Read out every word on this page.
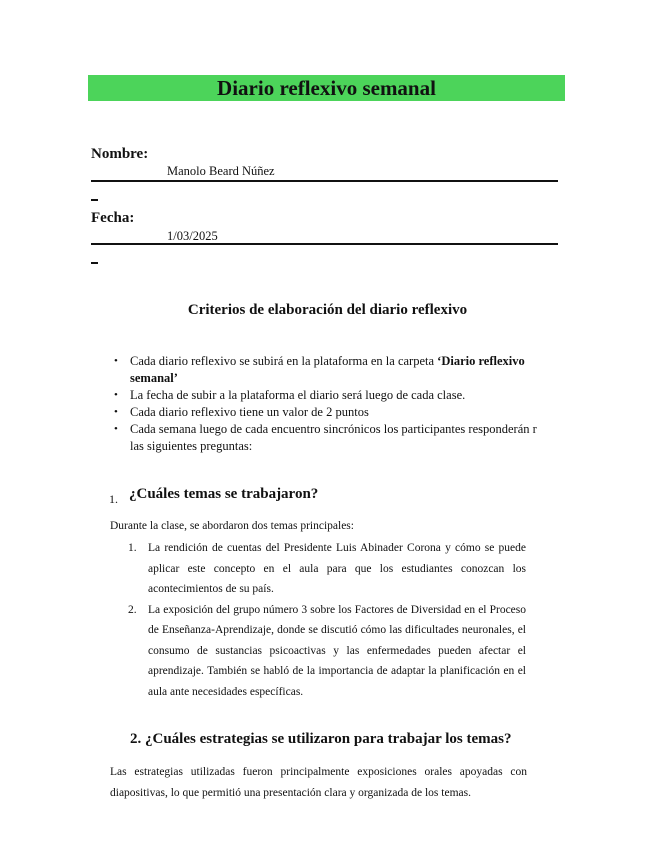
Diario reflexivo semanal
Nombre:
Manolo Beard Núñez
Fecha:
1/03/2025
Criterios de elaboración del diario reflexivo
• Cada diario reflexivo se subirá en la plataforma en la carpeta ‘Diario reflexivo semanal’
• La fecha de subir a la plataforma el diario será luego de cada clase.
• Cada diario reflexivo tiene un valor de 2 puntos
• Cada semana luego de cada encuentro sincrónicos los participantes responderán r las siguientes preguntas:
1. ¿Cuáles temas se trabajaron?
Durante la clase, se abordaron dos temas principales:
1. La rendición de cuentas del Presidente Luis Abinader Corona y cómo se puede aplicar este concepto en el aula para que los estudiantes conozcan los acontecimientos de su país.
2. La exposición del grupo número 3 sobre los Factores de Diversidad en el Proceso de Enseñanza-Aprendizaje, donde se discutió cómo las dificultades neuronales, el consumo de sustancias psicoactivas y las enfermedades pueden afectar el aprendizaje. También se habló de la importancia de adaptar la planificación en el aula ante necesidades específicas.
2. ¿Cuáles estrategias se utilizaron para trabajar los temas?
Las estrategias utilizadas fueron principalmente exposiciones orales apoyadas con diapositivas, lo que permitió una presentación clara y organizada de los temas.
